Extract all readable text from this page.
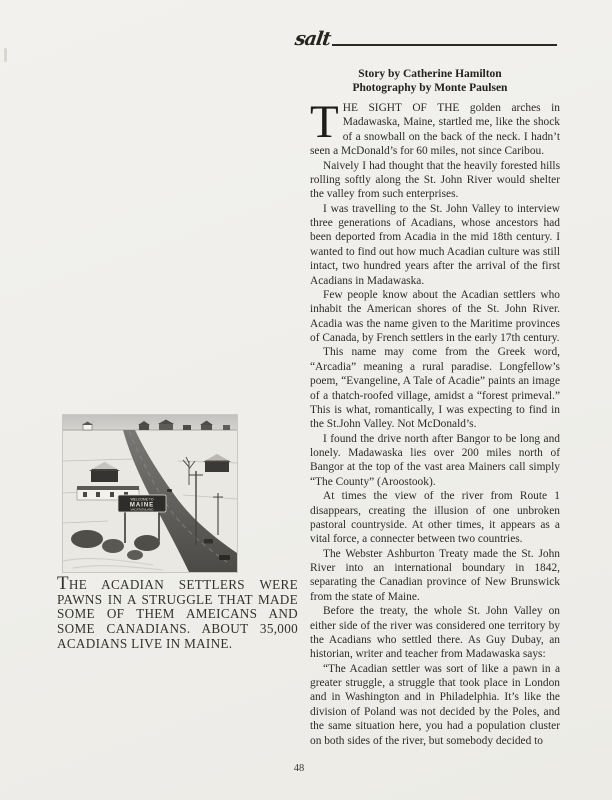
salt
Story by Catherine Hamilton
Photography by Monte Paulsen

THE SIGHT OF THE golden arches in Madawaska, Maine, startled me, like the shock of a snowball on the back of the neck. I hadn’t seen a McDonald’s for 60 miles, not since Caribou.

Naively I had thought that the heavily forested hills rolling softly along the St. John River would shelter the valley from such enterprises.

I was travelling to the St. John Valley to interview three generations of Acadians, whose ancestors had been deported from Acadia in the mid 18th century. I wanted to find out how much Acadian culture was still intact, two hundred years after the arrival of the first Acadians in Madawaska.

Few people know about the Acadian settlers who inhabit the American shores of the St. John River. Acadia was the name given to the Maritime provinces of Canada, by French settlers in the early 17th century.

This name may come from the Greek word, “Arcadia” meaning a rural paradise. Longfellow’s poem, “Evangeline, A Tale of Acadie” paints an image of a thatch-roofed village, amidst a “forest primeval.” This is what, romantically, I was expecting to find in the St.John Valley. Not McDonald’s.

I found the drive north after Bangor to be long and lonely. Madawaska lies over 200 miles north of Bangor at the top of the vast area Mainers call simply “The County” (Aroostook).

At times the view of the river from Route 1 disappears, creating the illusion of one unbroken pastoral countryside. At other times, it appears as a vital force, a connecter between two countries.

The Webster Ashburton Treaty made the St. John River into an international boundary in 1842, separating the Canadian province of New Brunswick from the state of Maine.

Before the treaty, the whole St. John Valley on either side of the river was considered one territory by the Acadians who settled there. As Guy Dubay, an historian, writer and teacher from Madawaska says:

“The Acadian settler was sort of like a pawn in a greater struggle, a struggle that took place in London and in Washington and in Philadelphia. It’s like the division of Poland was not decided by the Poles, and the same situation here, you had a population cluster on both sides of the river, but somebody decided to

WELCOME TO
MAINE
VACATIONLAND
THE ACADIAN SETTLERS WERE PAWNS IN A STRUGGLE THAT MADE SOME OF THEM AMEICANS AND SOME CANADIANS. ABOUT 35,000 ACADIANS LIVE IN MAINE.
48
